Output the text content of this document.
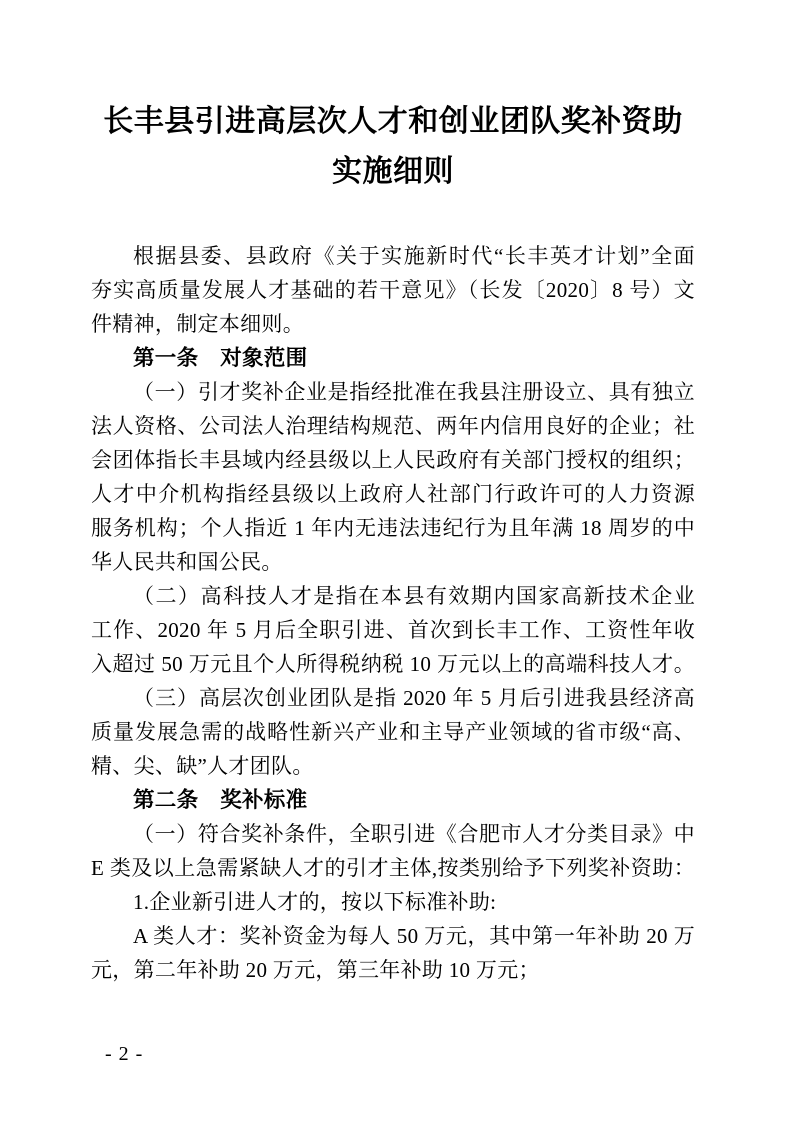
长丰县引进高层次人才和创业团队奖补资助
实施细则
根据县委、县政府《关于实施新时代“长丰英才计划”全面
夯实高质量发展人才基础的若干意见》（长发〔2020〕8 号）文
件精神，制定本细则。
第一条　对象范围
（一）引才奖补企业是指经批准在我县注册设立、具有独立
法人资格、公司法人治理结构规范、两年内信用良好的企业；社
会团体指长丰县域内经县级以上人民政府有关部门授权的组织；
人才中介机构指经县级以上政府人社部门行政许可的人力资源
服务机构；个人指近 1 年内无违法违纪行为且年满 18 周岁的中
华人民共和国公民。
（二）高科技人才是指在本县有效期内国家高新技术企业
工作、2020 年 5 月后全职引进、首次到长丰工作、工资性年收
入超过 50 万元且个人所得税纳税 10 万元以上的高端科技人才。
（三）高层次创业团队是指 2020 年 5 月后引进我县经济高
质量发展急需的战略性新兴产业和主导产业领域的省市级“高、
精、尖、缺”人才团队。
第二条　奖补标准
（一）符合奖补条件，全职引进《合肥市人才分类目录》中
E 类及以上急需紧缺人才的引才主体,按类别给予下列奖补资助：
1.企业新引进人才的，按以下标准补助:
A 类人才：奖补资金为每人 50 万元，其中第一年补助 20 万
元，第二年补助 20 万元，第三年补助 10 万元；
- 2 -
